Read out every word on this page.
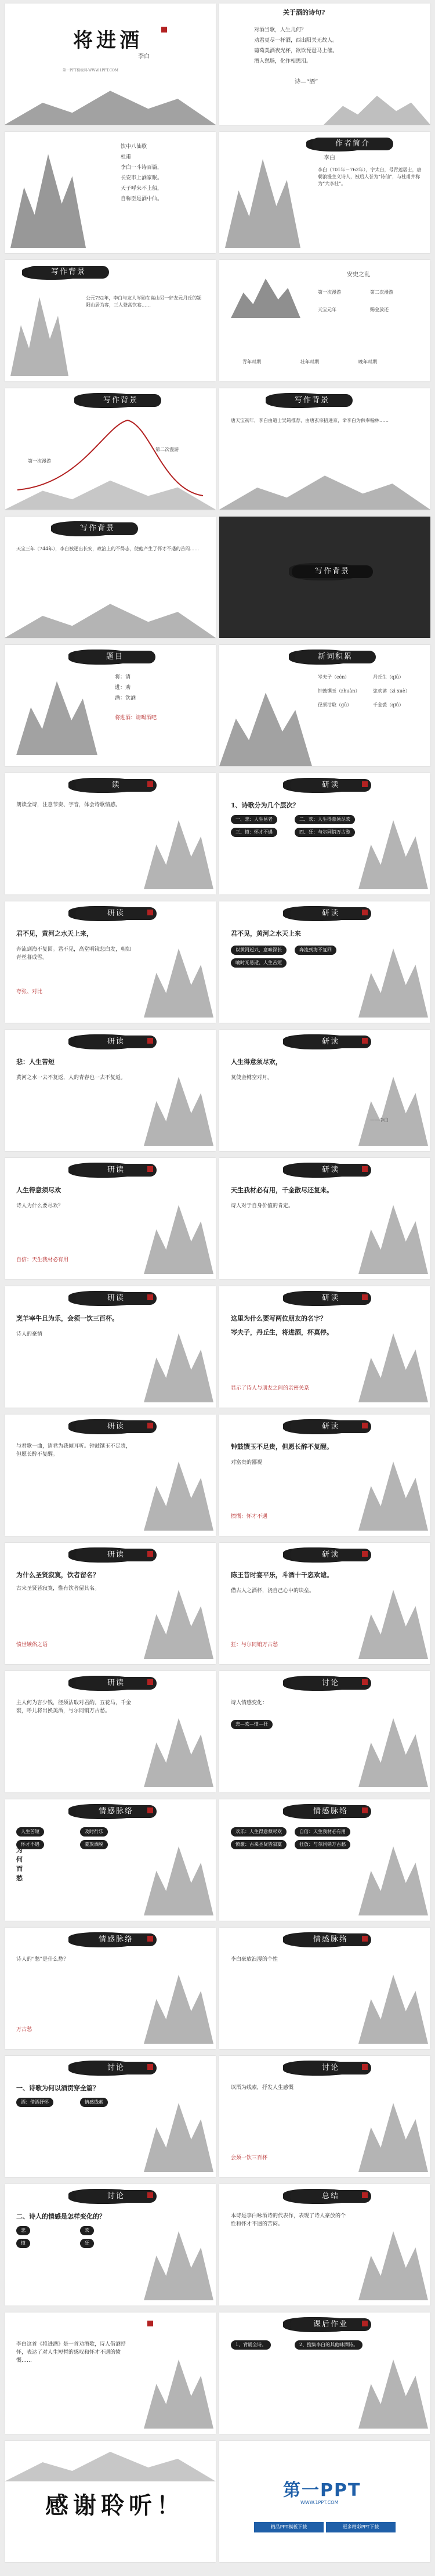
将进酒
李白
第一PPT模板网-WWW.1PPT.COM
关于酒的诗句?
对酒当歌，人生几何？
劝君更尽一杯酒，西出阳关无故人。
葡萄美酒夜光杯，欲饮琵琶马上催。
酒入愁肠，化作相思泪。
诗—“酒”
饮中八仙歌
杜甫
李白一斗诗百篇，
长安市上酒家眠。
天子呼来不上船，
自称臣是酒中仙。
作者简介
李白
李白（701年－762年），字太白，号青莲居士，唐朝浪漫主义诗人，被后人誉为“诗仙”，与杜甫并称为“大李杜”。
写作背景
公元752年，李白与友人岑勋在嵩山另一好友元丹丘的颍阳山居为客，三人登高饮宴……
安史之乱
第一次漫游	第二次漫游
天宝元年	赐金放还
青年时期	壮年时期	晚年时期
写作背景
第一次漫游
第二次漫游
写作背景
唐天宝初年，李白由道士吴筠推荐，由唐玄宗招进京，命李白为供奉翰林……
写作背景
天宝三年（744年），李白被逐出长安，政治上的不得志，使他产生了怀才不遇的苦闷……
写作背景
题目
将：请
进：劝
酒：饮酒
将进酒：请喝酒吧
新词积累
岑夫子（cén）	丹丘生（qiū）
钟鼓馔玉（zhuàn）	恣欢谑（zì xuè）
径须沽取（gū）	千金裘（qiú）
读
朗读全诗，注意节奏、字音，体会诗歌情感。
研读
1、诗歌分为几个层次？
一、悲：人生易老	二、欢：人生得意须尽欢
三、愤：怀才不遇	四、狂：与尔同销万古愁
研读
君不见，黄河之水天上来，
奔流到海不复回。君不见，高堂明镜悲白发，朝如青丝暮成雪。
夸张、对比
研读
君不见，黄河之水天上来
以黄河起兴，意味深长	奔流到海不复回
喻时光易逝、人生苦短
研读
悲：人生苦短
黄河之水一去不复返，人的青春也一去不复返。
研读
人生得意须尽欢，
莫使金樽空对月。
研读
人生得意须尽欢
诗人为什么要尽欢？
自信：天生我材必有用
研读
天生我材必有用，千金散尽还复来。
诗人对于自身价值的肯定。
研读
烹羊宰牛且为乐，会须一饮三百杯。
诗人的豪情
研读
这里为什么要写两位朋友的名字？
岑夫子，丹丘生，将进酒，杯莫停。
显示了诗人与朋友之间的亲密关系
研读
与君歌一曲，请君为我倾耳听。钟鼓馔玉不足贵，但愿长醉不复醒。
研读
钟鼓馔玉不足贵，但愿长醉不复醒。
对富贵的鄙视
愤慨：怀才不遇
研读
为什么圣贤寂寞，饮者留名？
古来圣贤皆寂寞，惟有饮者留其名。
愤世嫉俗之语
研读
陈王昔时宴平乐，斗酒十千恣欢谑。
借古人之酒杯，浇自己心中的块垒。
狂：与尔同销万古愁
研读
主人何为言少钱，径须沽取对君酌。五花马，千金裘，呼儿将出换美酒，与尔同销万古愁。
讨论
诗人情感变化：
悲—欢—愤—狂
情感脉络
人生苦短	及时行乐
怀才不遇	豪放洒脱
为何而愁
情感脉络
欢乐：人生得意须尽欢	自信：天生我材必有用
愤激：古来圣贤皆寂寞	狂放：与尔同销万古愁
情感脉络
诗人的“愁”是什么愁？
万古愁
情感脉络
李白豪放浪漫的个性
讨论
一、诗歌为何以酒贯穿全篇？
酒：借酒抒怀	情感线索
讨论
以酒为线索，抒发人生感慨
会须一饮三百杯
讨论
二、诗人的情感是怎样变化的？
悲	欢
愤	狂
总结
本诗是李白咏酒诗的代表作，表现了诗人豪放的个性和怀才不遇的苦闷。
李白这首《将进酒》是一首劝酒歌，诗人借酒抒怀，表达了对人生短暂的感叹和怀才不遇的愤慨……
课后作业
1、背诵全诗。	2、搜集李白的其他咏酒诗。
感谢聆听！
第一PPT
WWW.1PPT.COM
精品PPT模板下载	更多精彩PPT下载
